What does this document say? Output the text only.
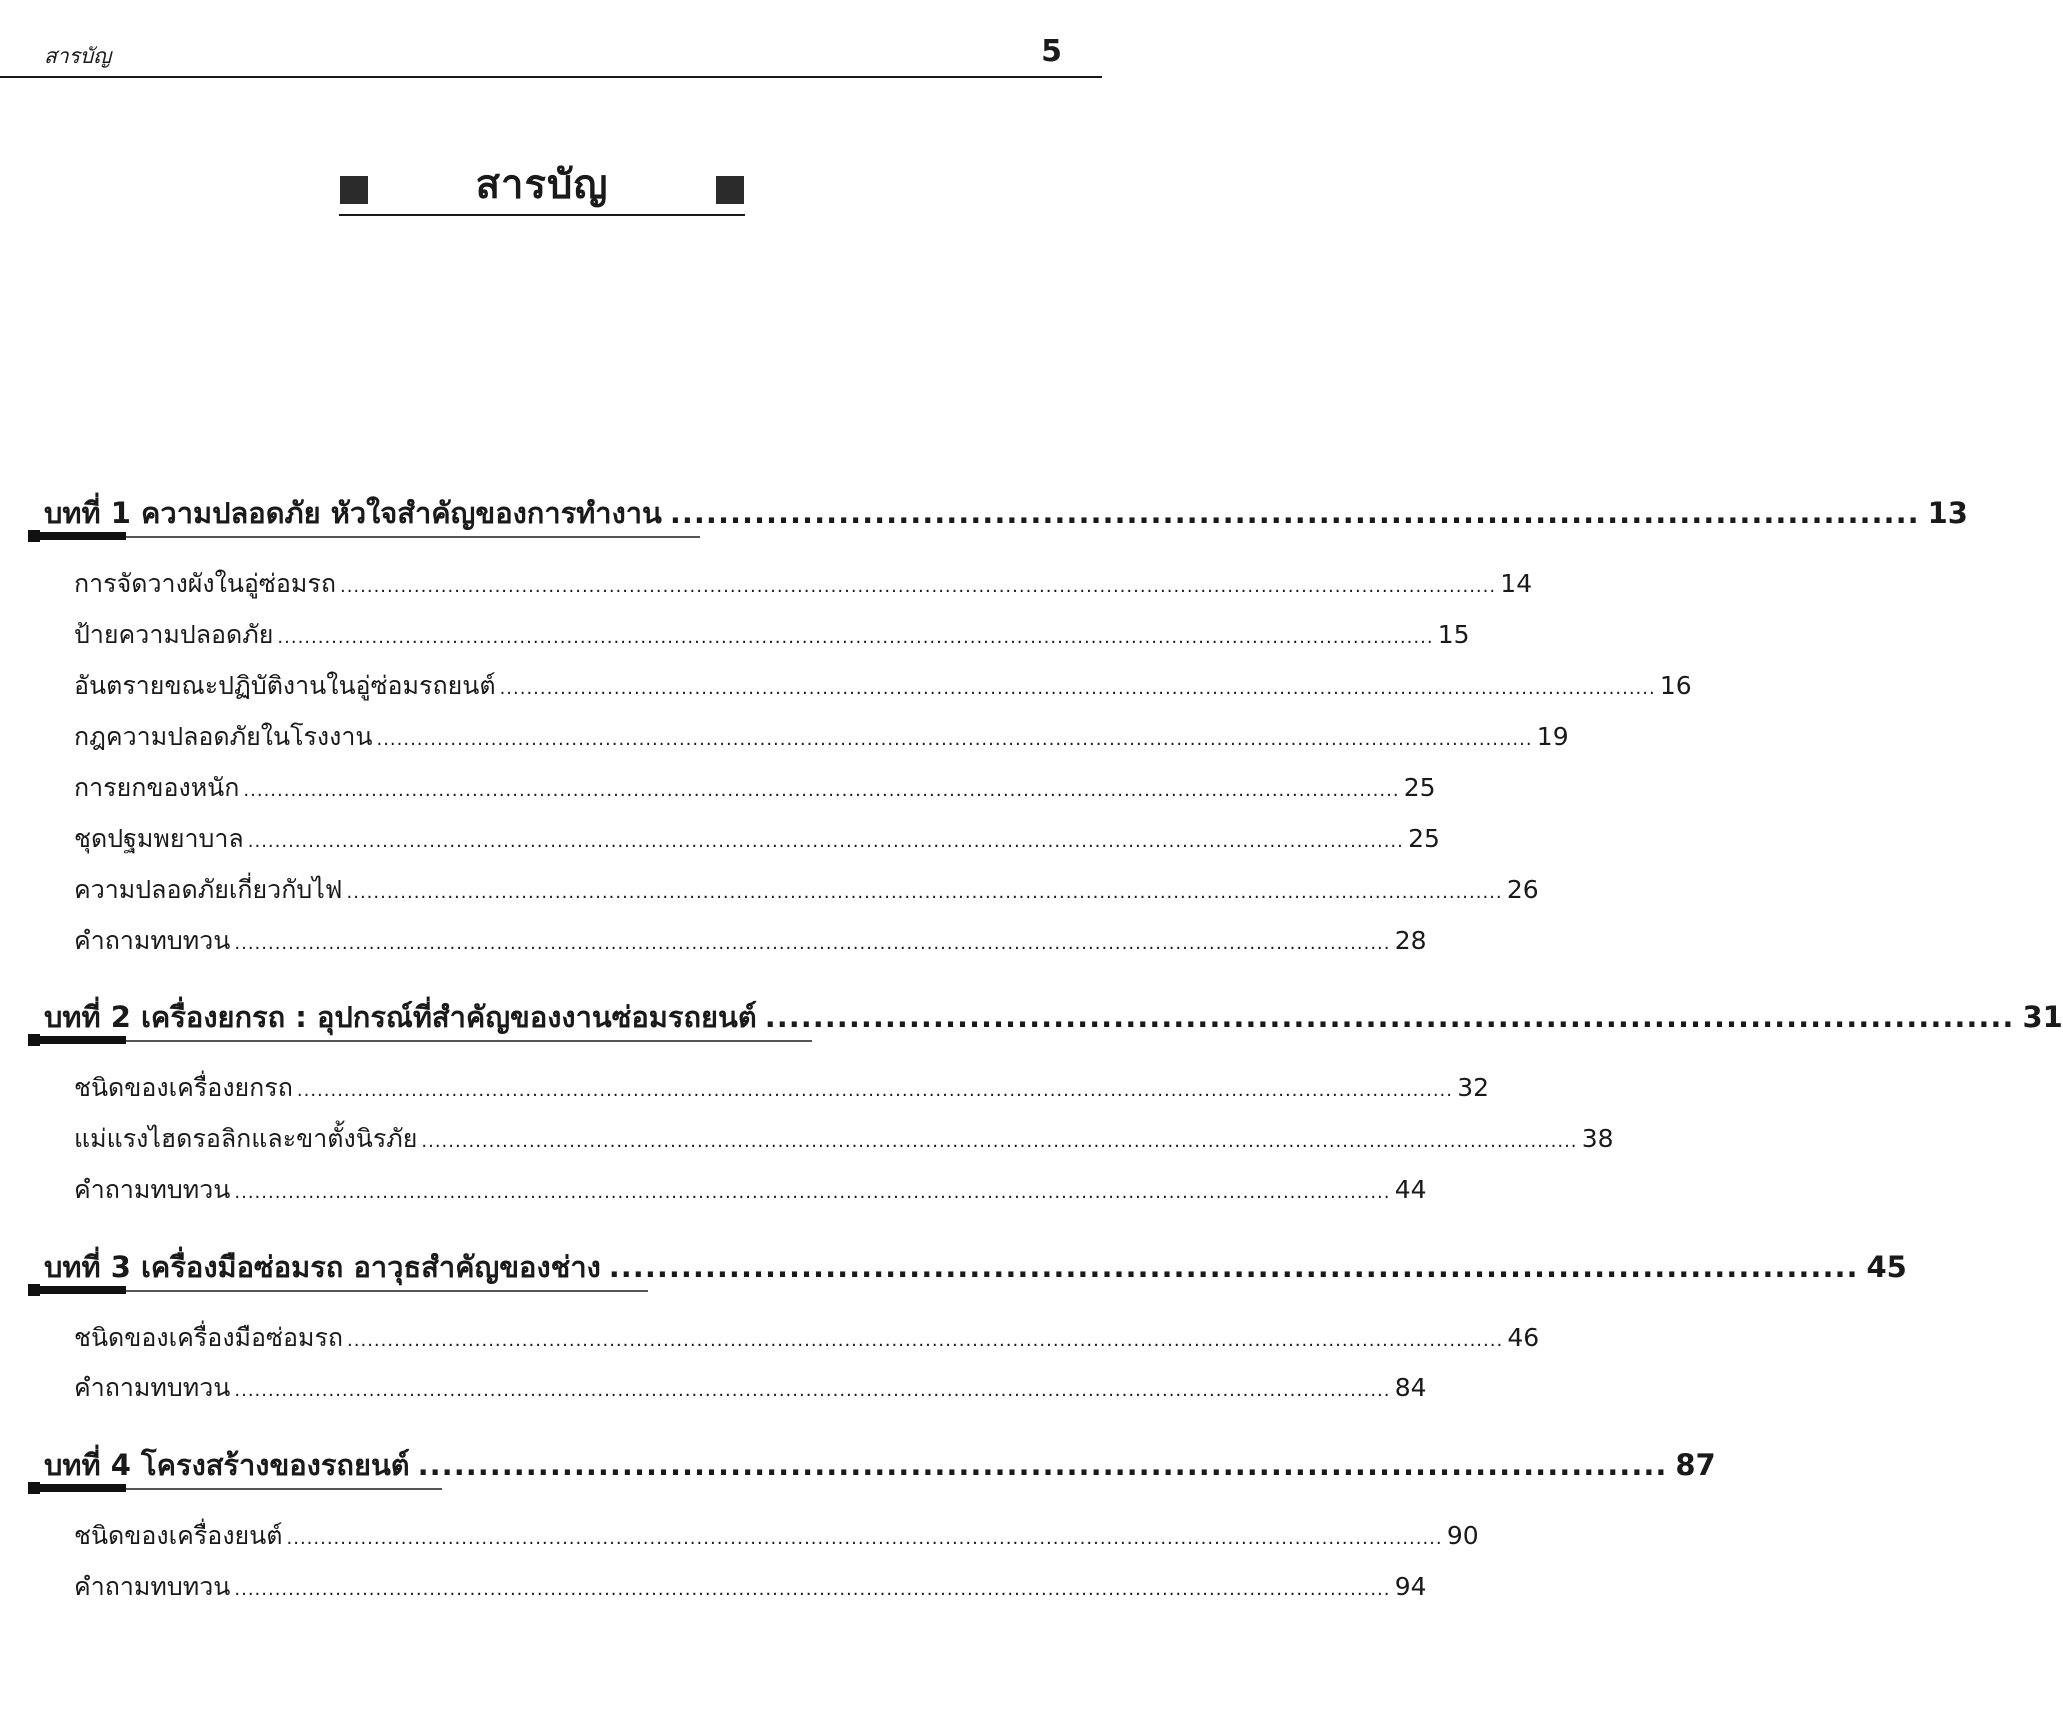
สารบัญ	5
สารบัญ
บทที่ 1 ความปลอดภัย หัวใจสำคัญของการทำงาน ........................................................................................................ 13
การจัดวางผังในอู่ซ่อมรถ ............................................................................................................................................................................ 14
ป้ายความปลอดภัย ............................................................................................................................................................................ 15
อันตรายขณะปฏิบัติงานในอู่ซ่อมรถยนต์ ............................................................................................................................................................................ 16
กฎความปลอดภัยในโรงงาน ............................................................................................................................................................................ 19
การยกของหนัก ............................................................................................................................................................................ 25
ชุดปฐมพยาบาล ............................................................................................................................................................................ 25
ความปลอดภัยเกี่ยวกับไฟ ............................................................................................................................................................................ 26
คำถามทบทวน ............................................................................................................................................................................ 28
บทที่ 2 เครื่องยกรถ : อุปกรณ์ที่สำคัญของงานซ่อมรถยนต์ ........................................................................................................ 31
ชนิดของเครื่องยกรถ ............................................................................................................................................................................ 32
แม่แรงไฮดรอลิกและขาตั้งนิรภัย ............................................................................................................................................................................ 38
คำถามทบทวน ............................................................................................................................................................................ 44
บทที่ 3 เครื่องมือซ่อมรถ อาวุธสำคัญของช่าง ........................................................................................................ 45
ชนิดของเครื่องมือซ่อมรถ ............................................................................................................................................................................ 46
คำถามทบทวน ............................................................................................................................................................................ 84
บทที่ 4 โครงสร้างของรถยนต์ ........................................................................................................ 87
ชนิดของเครื่องยนต์ ............................................................................................................................................................................ 90
คำถามทบทวน ............................................................................................................................................................................ 94
